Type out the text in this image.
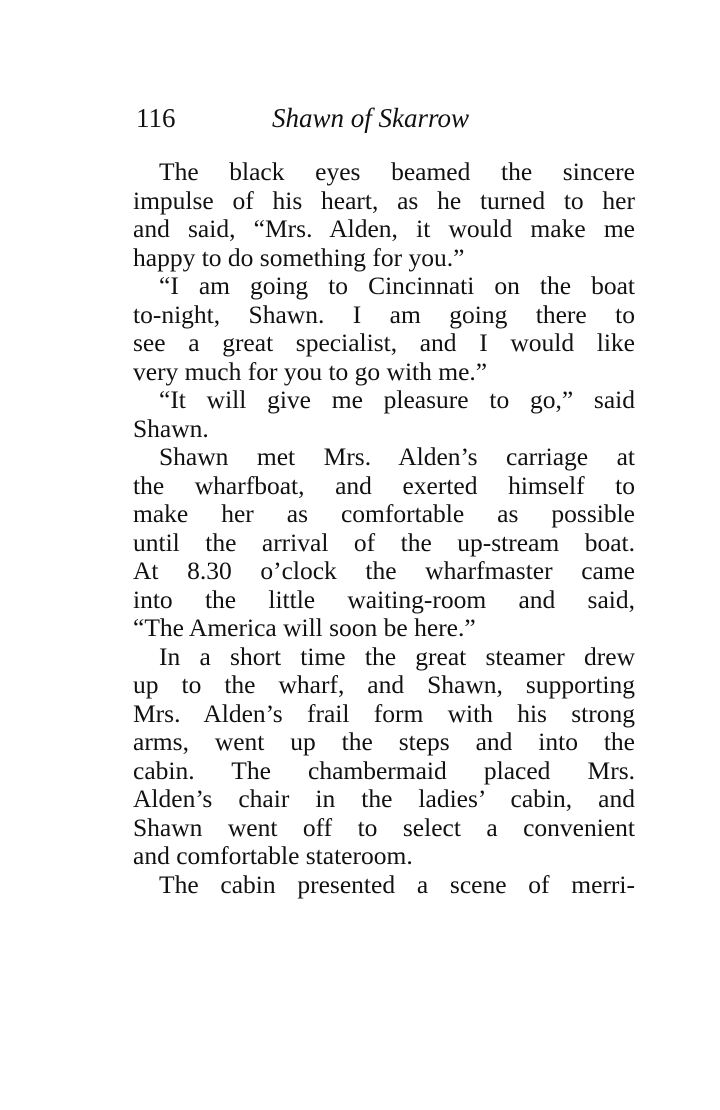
116	Shawn of Skarrow
The black eyes beamed the sincere
impulse of his heart, as he turned to her
and said, “Mrs. Alden, it would make me
happy to do something for you.”
“I am going to Cincinnati on the boat
to-night, Shawn. I am going there to
see a great specialist, and I would like
very much for you to go with me.”
“It will give me pleasure to go,” said
Shawn.
Shawn met Mrs. Alden’s carriage at
the wharfboat, and exerted himself to
make her as comfortable as possible
until the arrival of the up-stream boat.
At 8.30 o’clock the wharfmaster came
into the little waiting-room and said,
“The America will soon be here.”
In a short time the great steamer drew
up to the wharf, and Shawn, supporting
Mrs. Alden’s frail form with his strong
arms, went up the steps and into the
cabin. The chambermaid placed Mrs.
Alden’s chair in the ladies’ cabin, and
Shawn went off to select a convenient
and comfortable stateroom.
The cabin presented a scene of merri-
